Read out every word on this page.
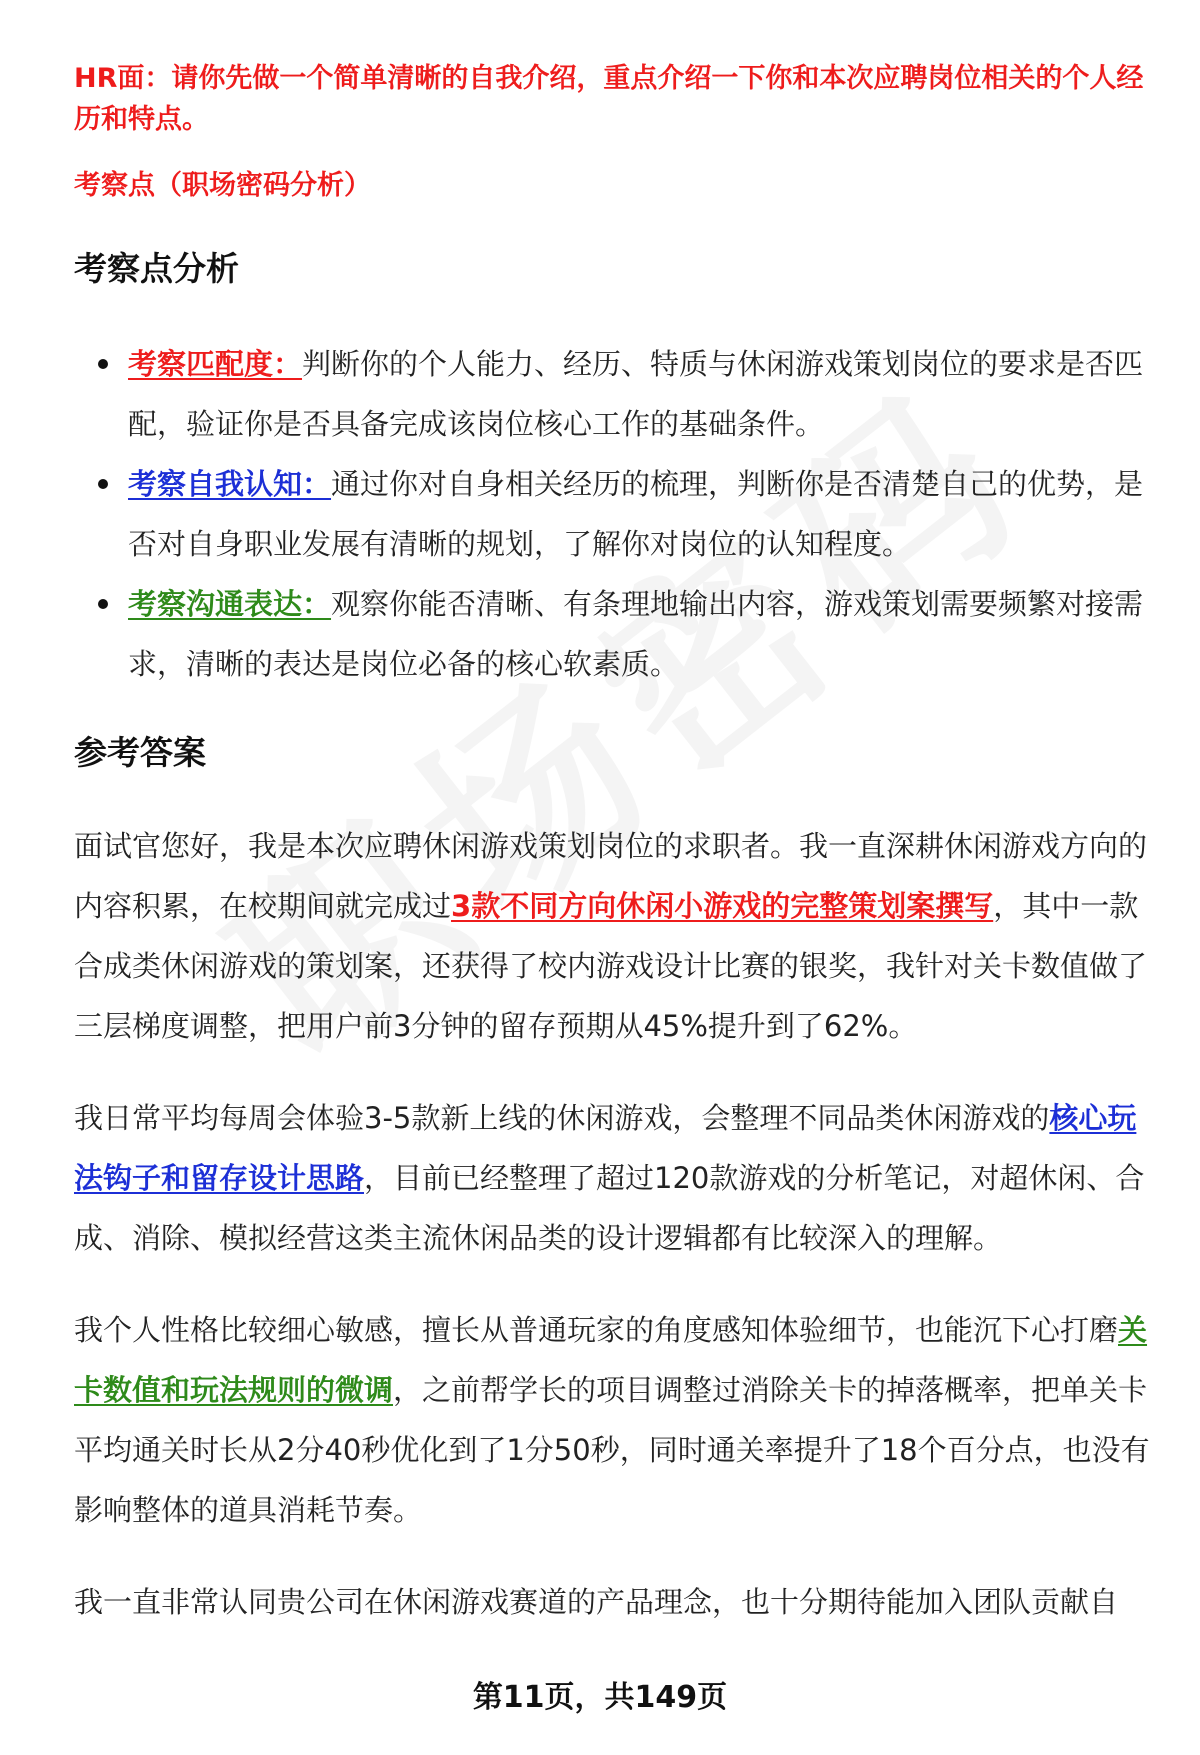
HR面：请你先做一个简单清晰的自我介绍，重点介绍一下你和本次应聘岗位相关的个人经历和特点。

考察点（职场密码分析）

考察点分析
考察匹配度：判断你的个人能力、经历、特质与休闲游戏策划岗位的要求是否匹配，验证你是否具备完成该岗位核心工作的基础条件。
考察自我认知：通过你对自身相关经历的梳理，判断你是否清楚自己的优势，是否对自身职业发展有清晰的规划，了解你对岗位的认知程度。
考察沟通表达：观察你能否清晰、有条理地输出内容，游戏策划需要频繁对接需求，清晰的表达是岗位必备的核心软素质。
参考答案

面试官您好，我是本次应聘休闲游戏策划岗位的求职者。我一直深耕休闲游戏方向的内容积累，在校期间就完成过3款不同方向休闲小游戏的完整策划案撰写，其中一款合成类休闲游戏的策划案，还获得了校内游戏设计比赛的银奖，我针对关卡数值做了三层梯度调整，把用户前3分钟的留存预期从45%提升到了62%。

我日常平均每周会体验3-5款新上线的休闲游戏，会整理不同品类休闲游戏的核心玩法钩子和留存设计思路，目前已经整理了超过120款游戏的分析笔记，对超休闲、合成、消除、模拟经营这类主流休闲品类的设计逻辑都有比较深入的理解。

我个人性格比较细心敏感，擅长从普通玩家的角度感知体验细节，也能沉下心打磨关卡数值和玩法规则的微调，之前帮学长的项目调整过消除关卡的掉落概率，把单关卡平均通关时长从2分40秒优化到了1分50秒，同时通关率提升了18个百分点，也没有影响整体的道具消耗节奏。

我一直非常认同贵公司在休闲游戏赛道的产品理念，也十分期待能加入团队贡献自

第11页，共149页
